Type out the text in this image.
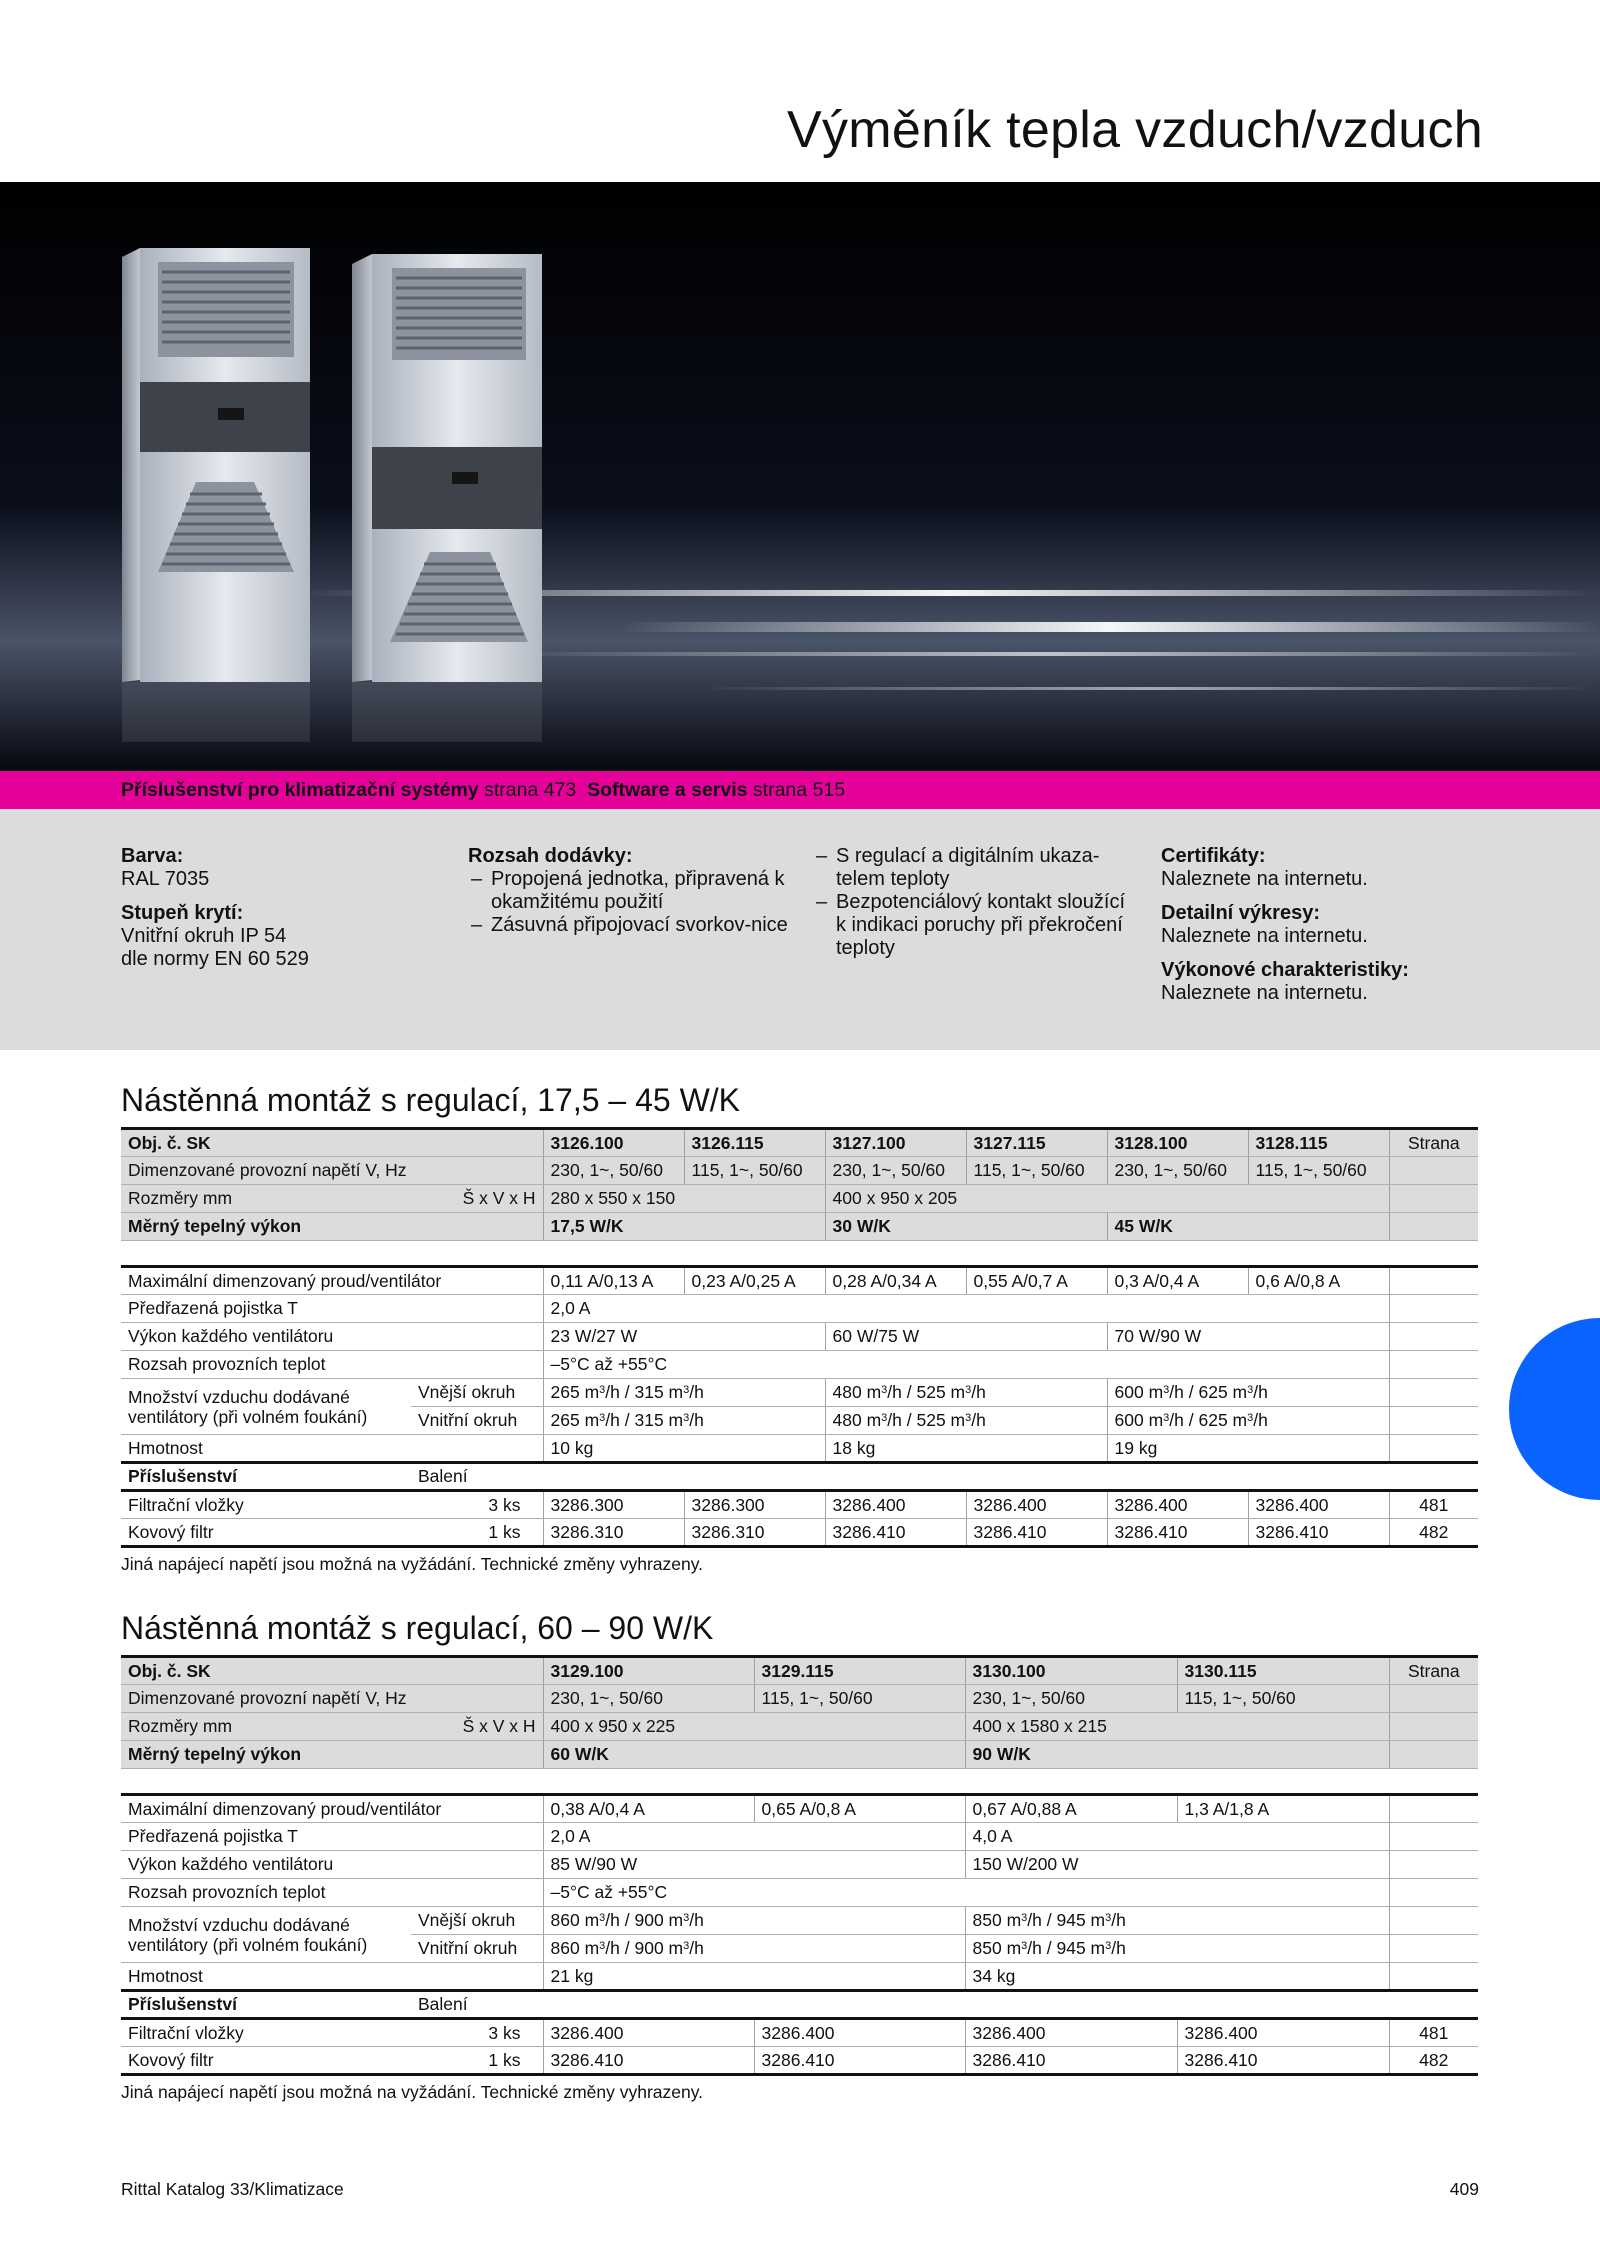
Výměník tepla vzduch/vzduch
Příslušenství pro klimatizační systémy strana 473 Software a servis strana 515
Barva:
RAL 7035
Stupeň krytí:
Vnitřní okruh IP 54
dle normy EN 60 529
Rozsah dodávky:
– Propojená jednotka, připravená k okamžitému použití
– Zásuvná připojovací svorkov-nice
– S regulací a digitálním ukaza-telem teploty
– Bezpotenciálový kontakt sloužící k indikaci poruchy při překročení teploty
Certifikáty:
Naleznete na internetu.
Detailní výkresy:
Naleznete na internetu.
Výkonové charakteristiky:
Naleznete na internetu.
Nástěnná montáž s regulací, 17,5 – 45 W/K
Obj. č. SK			3126.100	3126.115	3127.100	3127.115	3128.100	3128.115	Strana
Dimenzované provozní napětí V, Hz			230, 1~, 50/60	115, 1~, 50/60	230, 1~, 50/60	115, 1~, 50/60	230, 1~, 50/60	115, 1~, 50/60	
Rozměry mm		Š x V x H	280 x 550 x 150		400 x 950 x 205				
Měrný tepelný výkon			17,5 W/K		30 W/K		45 W/K		

Maximální dimenzovaný proud/ventilátor			0,11 A/0,13 A	0,23 A/0,25 A	0,28 A/0,34 A	0,55 A/0,7 A	0,3 A/0,4 A	0,6 A/0,8 A	
Předřazená pojistka T			2,0 A						
Výkon každého ventilátoru			23 W/27 W		60 W/75 W		70 W/90 W		
Rozsah provozních teplot			–5°C až +55°C						
Množství vzduchu dodávané ventilátory (při volném foukání)		Vnější okruh	265 $m^3/h / 315$ $m^3/h$		480 $m^3/h / 525$ $m^3/h$		600 $m^3/h / 625$ $m^3/h$		
		Vnitřní okruh	265 $m^3/h / 315$ $m^3/h$		480 $m^3/h / 525$ $m^3/h$		600 $m^3/h / 625$ $m^3/h$		
Hmotnost			10 kg		18 kg		19 kg		
Příslušenství		Balení							
Filtrační vložky	3 ks		3286.300	3286.300	3286.400	3286.400	3286.400	3286.400	481
Kovový filtr	1 ks		3286.310	3286.310	3286.410	3286.410	3286.410	3286.410	482
Jiná napájecí napětí jsou možná na vyžádání. Technické změny vyhrazeny.
Nástěnná montáž s regulací, 60 – 90 W/K
Obj. č. SK			3129.100	3129.115	3130.100	3130.115	Strana
Dimenzované provozní napětí V, Hz			230, 1~, 50/60	115, 1~, 50/60	230, 1~, 50/60	115, 1~, 50/60	
Rozměry mm		Š x V x H	400 x 950 x 225		400 x 1580 x 215		
Měrný tepelný výkon			60 W/K		90 W/K		

Maximální dimenzovaný proud/ventilátor			0,38 A/0,4 A	0,65 A/0,8 A	0,67 A/0,88 A	1,3 A/1,8 A	
Předřazená pojistka T			2,0 A		4,0 A		
Výkon každého ventilátoru			85 W/90 W		150 W/200 W		
Rozsah provozních teplot			–5°C až +55°C				
Množství vzduchu dodávané ventilátory (při volném foukání)		Vnější okruh	860 $m^3/h / 900$ $m^3/h$		850 $m^3/h / 945$ $m^3/h$		
		Vnitřní okruh	860 $m^3/h / 900$ $m^3/h$		850 $m^3/h / 945$ $m^3/h$		
Hmotnost			21 kg		34 kg		
Příslušenství		Balení					
Filtrační vložky	3 ks		3286.400	3286.400	3286.400	3286.400	481
Kovový filtr	1 ks		3286.410	3286.410	3286.410	3286.410	482
Jiná napájecí napětí jsou možná na vyžádání. Technické změny vyhrazeny.
Rittal Katalog 33/Klimatizace	409
